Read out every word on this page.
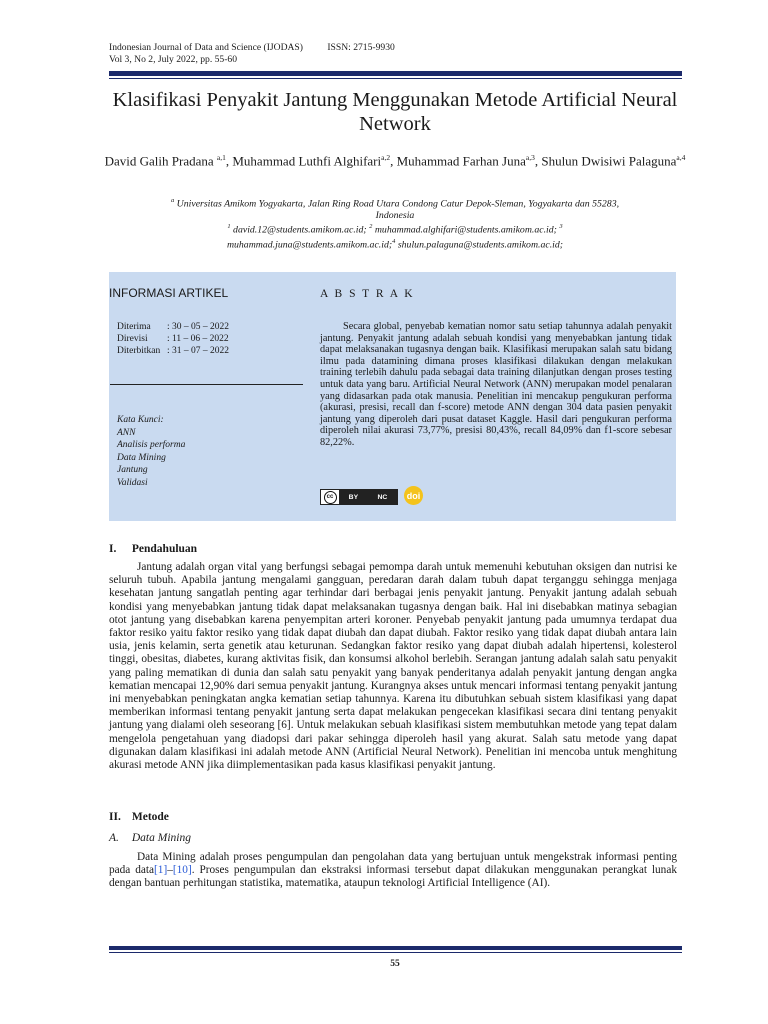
Indonesian Journal of Data and Science (IJODAS)	ISSN: 2715-9930
Vol 3, No 2, July 2022, pp. 55-60
Klasifikasi Penyakit Jantung Menggunakan Metode Artificial Neural Network
David Galih Pradana $^{a,1}$, Muhammad Luthfi Alghifari$^{a,2}$, Muhammad Farhan Juna$^{a,3}$, Shulun Dwisiwi Palaguna$^{a,4}$
$^a$ Universitas Amikom Yogyakarta, Jalan Ring Road Utara Condong Catur Depok-Sleman, Yogyakarta dan 55283,
Indonesia
$^1$ david.12@students.amikom.ac.id; $^2$ muhammad.alghifari@students.amikom.ac.id; $^3$
muhammad.juna@students.amikom.ac.id;$^4$ shulun.palaguna@students.amikom.ac.id;
INFORMASI ARTIKEL	A B S T R A K
Diterima : 30 – 05 – 2022
Direvisi : 11 – 06 – 2022
Diterbitkan : 31 – 07 – 2022
Kata Kunci:
ANN
Analisis performa
Data Mining
Jantung
Validasi
Secara global, penyebab kematian nomor satu setiap tahunnya adalah penyakit jantung. Penyakit jantung adalah sebuah kondisi yang menyebabkan jantung tidak dapat melaksanakan tugasnya dengan baik. Klasifikasi merupakan salah satu bidang ilmu pada datamining dimana proses klasifikasi dilakukan dengan melakukan training terlebih dahulu pada sebagai data training dilanjutkan dengan proses testing untuk data yang baru. Artificial Neural Network (ANN) merupakan model penalaran yang didasarkan pada otak manusia. Penelitian ini mencakup pengukuran performa (akurasi, presisi, recall dan f-score) metode ANN dengan 304 data pasien penyakit jantung yang diperoleh dari pusat dataset Kaggle. Hasil dari pengukuran performa diperoleh nilai akurasi 73,77%, presisi 80,43%, recall 84,09% dan f1-score sebesar 82,22%.
cc	BY	NC	doi
I. Pendahuluan
Jantung adalah organ vital yang berfungsi sebagai pemompa darah untuk memenuhi kebutuhan oksigen dan nutrisi ke seluruh tubuh. Apabila jantung mengalami gangguan, peredaran darah dalam tubuh dapat terganggu sehingga menjaga kesehatan jantung sangatlah penting agar terhindar dari berbagai jenis penyakit jantung. Penyakit jantung adalah sebuah kondisi yang menyebabkan jantung tidak dapat melaksanakan tugasnya dengan baik. Hal ini disebabkan matinya sebagian otot jantung yang disebabkan karena penyempitan arteri koroner. Penyebab penyakit jantung pada umumnya terdapat dua faktor resiko yaitu faktor resiko yang tidak dapat diubah dan dapat diubah. Faktor resiko yang tidak dapat diubah antara lain usia, jenis kelamin, serta genetik atau keturunan. Sedangkan faktor resiko yang dapat diubah adalah hipertensi, kolesterol tinggi, obesitas, diabetes, kurang aktivitas fisik, dan konsumsi alkohol berlebih. Serangan jantung adalah salah satu penyakit yang paling mematikan di dunia dan salah satu penyakit yang banyak penderitanya adalah penyakit jantung dengan angka kematian mencapai 12,90% dari semua penyakit jantung. Kurangnya akses untuk mencari informasi tentang penyakit jantung ini menyebabkan peningkatan angka kematian setiap tahunnya. Karena itu dibutuhkan sebuah sistem klasifikasi yang dapat memberikan informasi tentang penyakit jantung serta dapat melakukan pengecekan klasifikasi secara dini tentang penyakit jantung yang dialami oleh seseorang [6]. Untuk melakukan sebuah klasifikasi sistem membutuhkan metode yang tepat dalam mengelola pengetahuan yang diadopsi dari pakar sehingga diperoleh hasil yang akurat. Salah satu metode yang dapat digunakan dalam klasifikasi ini adalah metode ANN (Artificial Neural Network). Penelitian ini mencoba untuk menghitung akurasi metode ANN jika diimplementasikan pada kasus klasifikasi penyakit jantung.
II. Metode
A. Data Mining
Data Mining adalah proses pengumpulan dan pengolahan data yang bertujuan untuk mengekstrak informasi penting pada data[1]–[10]. Proses pengumpulan dan ekstraksi informasi tersebut dapat dilakukan menggunakan perangkat lunak dengan bantuan perhitungan statistika, matematika, ataupun teknologi Artificial Intelligence (AI).
55
